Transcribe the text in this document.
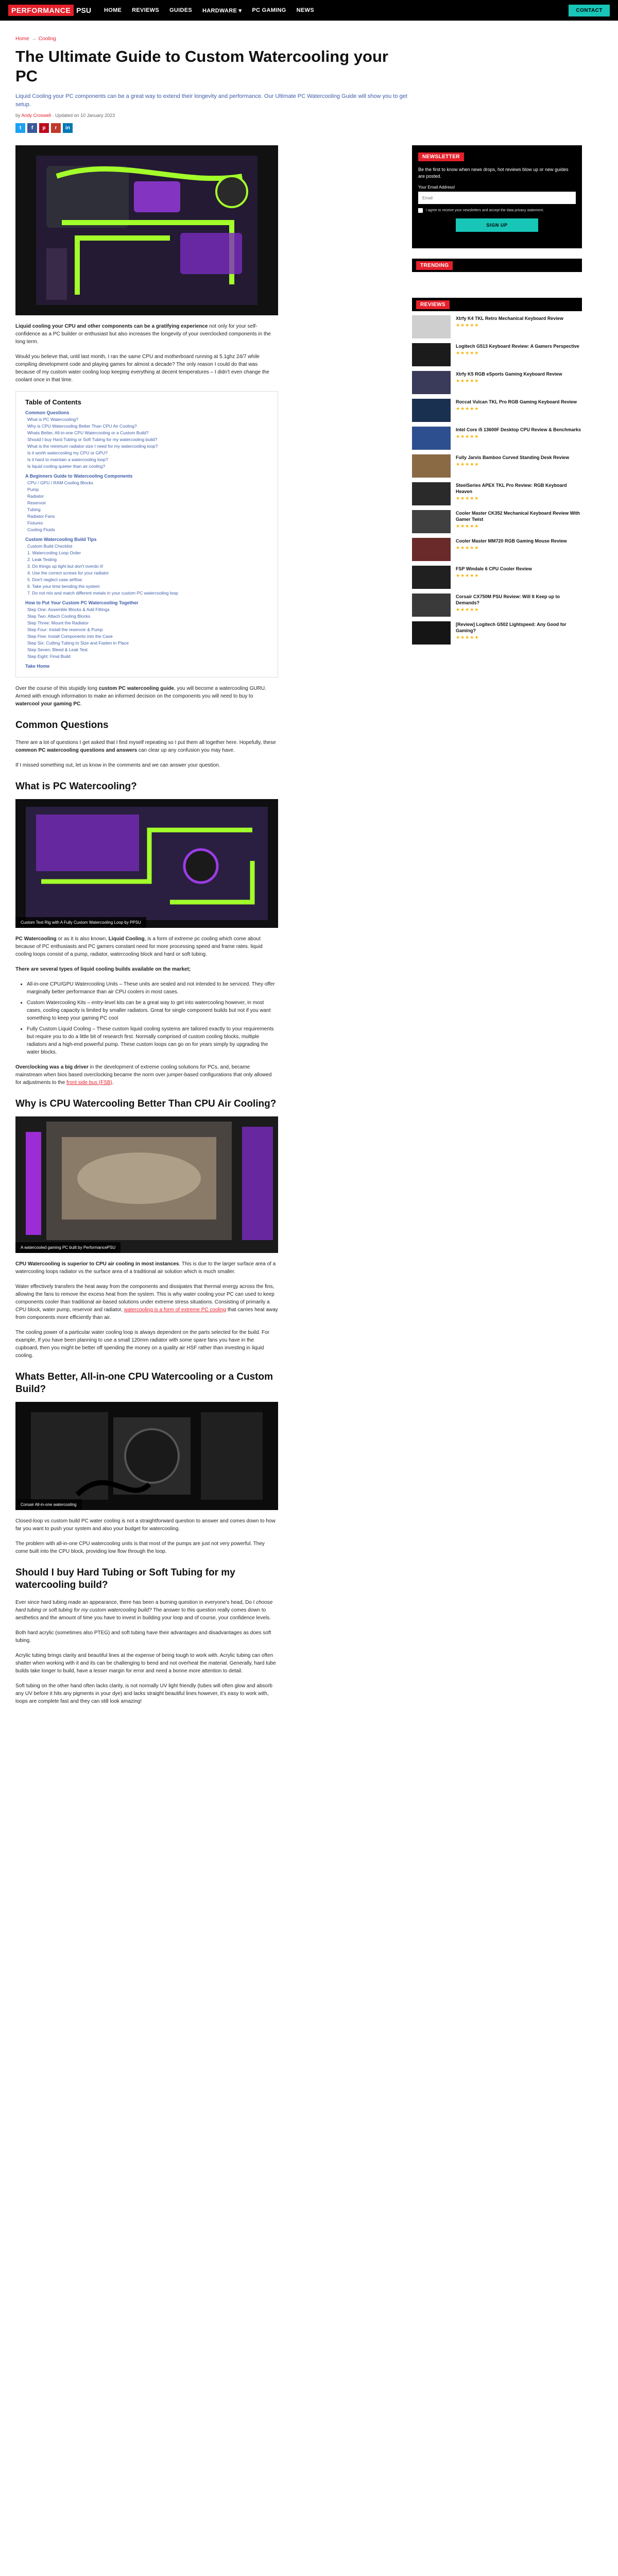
PERFORMANCE PSU	HOME REVIEWS GUIDES HARDWARE ▾ PC GAMING NEWS	CONTACT
Home → Cooling
The Ultimate Guide to Custom Watercooling your PC

Liquid Cooling your PC components can be a great way to extend their longevity and performance. Our Ultimate PC Watercooling Guide will show you to get setup.

by Andy Croswell · Updated on 10 January 2023
t	f	p	r	in

Liquid cooling your CPU and other components can be a gratifying experience not only for your self-confidence as a PC builder or enthusiast but also increases the longevity of your overclocked components in the long term.

Would you believe that, until last month, I ran the same CPU and motherboard running at 5.1ghz 24/7 while compiling development code and playing games for almost a decade? The only reason I could do that was because of my custom water cooling loop keeping everything at decent temperatures – I didn't even change the coolant once in that time.

Table of Contents
Common Questions
What is PC Watercooling?
Why is CPU Watercooling Better Than CPU Air Cooling?
Whats Better, All-in-one CPU Watercooling or a Custom Build?
Should I buy Hard Tubing or Soft Tubing for my watercooling build?
What is the minimum radiator size I need for my watercooling loop?
Is it worth watercooling my CPU or GPU?
Is it hard to maintain a watercooling loop?
Is liquid cooling quieter than air cooling?
A Beginners Guide to Watercooling Components
CPU / GPU / RAM Cooling Blocks
Pump
Radiator
Reservoir
Tubing
Radiator Fans
Fixtures
Cooling Fluids
Custom Watercooling Build Tips
Custom Build Checklist
1. Watercooling Loop Order
2. Leak Testing
3. Do things up tight but don't overdo it!
4. Use the correct screws for your radiator
5. Don't neglect case airflow
6. Take your time bending the system
7. Do not mix and match different metals in your custom PC watercooling loop
How to Put Your Custom PC Watercooling Together
Step One: Assemble Blocks & Add Fittings
Step Two: Attach Cooling Blocks
Step Three: Mount the Radiator
Step Four: Install the reservoir & Pump
Step Five: Install Components into the Case
Step Six: Cutting Tubing to Size and Fasten in Place
Step Seven: Bleed & Leak Test
Step Eight: Final Build
Take Home

Over the course of this stupidly long custom PC watercooling guide, you will become a watercooling GURU. Armed with enough information to make an informed decision on the components you will need to buy to watercool your gaming PC.

Common Questions

There are a lot of questions I get asked that I find myself repeating so I put them all together here. Hopefully, these common PC watercooling questions and answers can clear up any confusion you may have.

If I missed something out, let us know in the comments and we can answer your question.

What is PC Watercooling?
Custom Test Rig with A Fully Custom Watercooling Loop by PPSU

PC Watercooling or as it is also known, Liquid Cooling, is a form of extreme pc cooling which come about because of PC enthusiasts and PC gamers constant need for more processing speed and frame rates. liquid cooling loops consist of a pump, radiator, watercooling block and hard or soft tubing.

There are several types of liquid cooling builds available on the market;

• All-in-one CPU/GPU Watercooling Units – These units are sealed and not intended to be serviced. They offer marginally better performance than air CPU coolers in most cases.
• Custom Watercooling Kits – entry-level kits can be a great way to get into watercooling however, in most cases, cooling capacity is limited by smaller radiators. Great for single component builds but not if you want something to keep your gaming PC cool
• Fully Custom Liquid Cooling – These custom liquid cooling systems are tailored exactly to your requirements but require you to do a little bit of research first. Normally comprised of custom cooling blocks, multiple radiators and a high-end powerful pump. These custom loops can go on for years simply by upgrading the water blocks.

Overclocking was a big driver in the development of extreme cooling solutions for PCs, and, became mainstream when bios based overclocking became the norm over jumper-based configurations that only allowed for adjustments to the front side bus (FSB).

Why is CPU Watercooling Better Than CPU Air Cooling?
A watercooled gaming PC built by PerformancePSU

CPU Watercooling is superior to CPU air cooling in most instances. This is due to the larger surface area of a watercooling loops radiator vs the surface area of a traditional air solution which is much smaller.

Water effectively transfers the heat away from the components and dissipates that thermal energy across the fins, allowing the fans to remove the excess heat from the system. This is why water cooling your PC can used to keep components cooler than traditional air-based solutions under extreme stress situations. Consisting of primarily a CPU block, water pump, reservoir and radiator, watercooling is a form of extreme PC cooling that carries heat away from components more efficiently than air.

The cooling power of a particular water cooling loop is always dependent on the parts selected for the build. For example, If you have been planning to use a small 120mm radiator with some spare fans you have in the cupboard, then you might be better off spending the money on a quality air HSF rather than investing in liquid cooling.

Whats Better, All-in-one CPU Watercooling or a Custom Build?
Corsair All-in-one watercooling

Closed-loop vs custom build PC water cooling is not a straightforward question to answer and comes down to how far you want to push your system and also your budget for watercooling.

The problem with all-in-one CPU watercooling units is that most of the pumps are just not very powerful. They come built into the CPU block, providing low flow through the loop.

Should I buy Hard Tubing or Soft Tubing for my watercooling build?

Ever since hard tubing made an appearance, there has been a burning question in everyone's head, Do I choose hard tubing or soft tubing for my custom watercooling build? The answer to this question really comes down to aesthetics and the amount of time you have to invest in building your loop and of course, your confidence levels.

Both hard acrylic (sometimes also PTEG) and soft tubing have their advantages and disadvantages as does soft tubing.

Acrylic tubing brings clarity and beautiful lines at the expense of being tough to work with. Acrylic tubing can often shatter when working with it and its can be challenging to bend and not overheat the material. Generally, hard tube builds take longer to build, have a lesser margin for error and need a bonne more attention to detail.

Soft tubing on the other hand often lacks clarity, is not normally UV light friendly (tubes will often glow and absorb any UV before it hits any pigments in your dye) and lacks straight beautiful lines however, it's easy to work with, loops are complete fast and they can still look amazing!

NEWSLETTER
Be the first to know when news drops, hot reviews blow up or new guides are posted.
Your Email Address!
Email
I agree to receive your newsletters and accept the data privacy statement.
SIGN UP
TRENDING
REVIEWS
Xtrfy K4 TKL Retro Mechanical Keyboard Review
★★★★★
Logitech G513 Keyboard Review: A Gamers Perspective
★★★★★
Xtrfy K5 RGB eSports Gaming Keyboard Review
★★★★★
Roccat Vulcan TKL Pro RGB Gaming Keyboard Review
★★★★★
Intel Core i5 13600F Desktop CPU Review & Benchmarks
★★★★★
Fully Jarvis Bamboo Curved Standing Desk Review
★★★★★
SteelSeries APEX TKL Pro Review: RGB Keyboard Heaven
★★★★★
Cooler Master CK352 Mechanical Keyboard Review With Gamer Twist
★★★★★
Cooler Master MM720 RGB Gaming Mouse Review
★★★★★
FSP Windale 6 CPU Cooler Review
★★★★★
Corsair CX750M PSU Review: Will It Keep up to Demands?
★★★★★
[Review] Logitech G502 Lightspeed: Any Good for Gaming?
★★★★★
